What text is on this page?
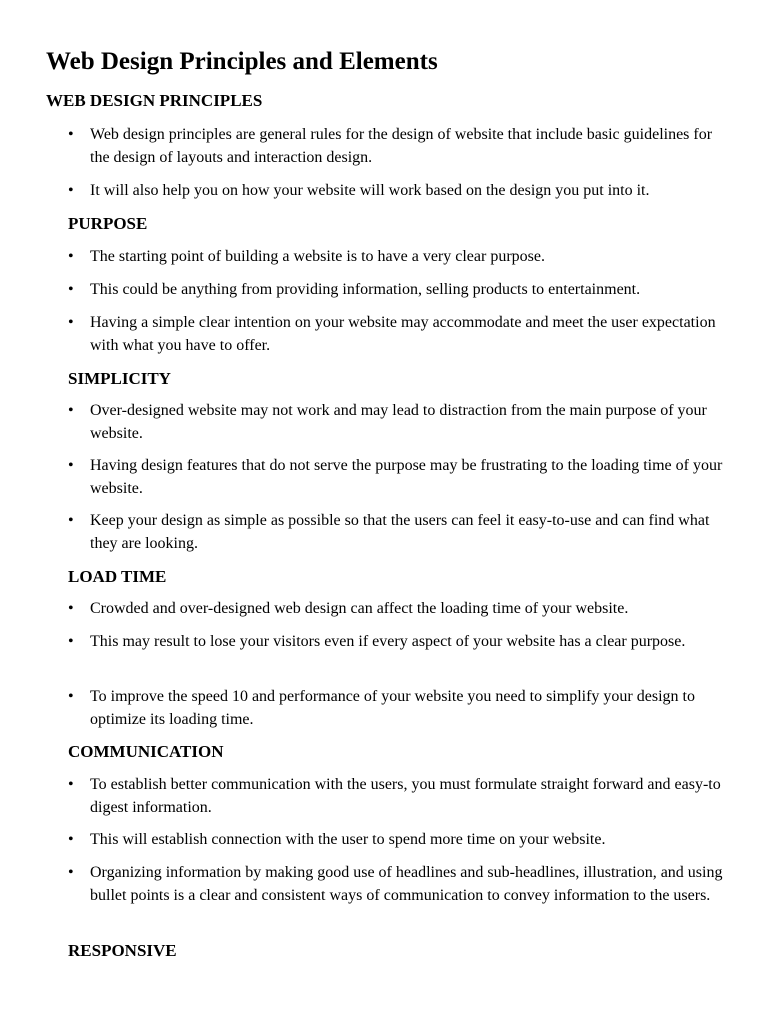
Web Design Principles and Elements
WEB DESIGN PRINCIPLES
•	Web design principles are general rules for the design of website that include basic guidelines for the design of layouts and interaction design.
•	It will also help you on how your website will work based on the design you put into it.
PURPOSE
•	The starting point of building a website is to have a very clear purpose.
•	This could be anything from providing information, selling products to entertainment.
•	Having a simple clear intention on your website may accommodate and meet the user expectation with what you have to offer.
SIMPLICITY
•	Over-designed website may not work and may lead to distraction from the main purpose of your website.
•	Having design features that do not serve the purpose may be frustrating to the loading time of your website.
•	Keep your design as simple as possible so that the users can feel it easy-to-use and can find what they are looking.
LOAD TIME
•	Crowded and over-designed web design can affect the loading time of your website.
•	This may result to lose your visitors even if every aspect of your website has a clear purpose.
•	To improve the speed 10 and performance of your website you need to simplify your design to optimize its loading time.
COMMUNICATION
•	To establish better communication with the users, you must formulate straight forward and easy-to digest information.
•	This will establish connection with the user to spend more time on your website.
•	Organizing information by making good use of headlines and sub-headlines, illustration, and using bullet points is a clear and consistent ways of communication to convey information to the users.
RESPONSIVE
